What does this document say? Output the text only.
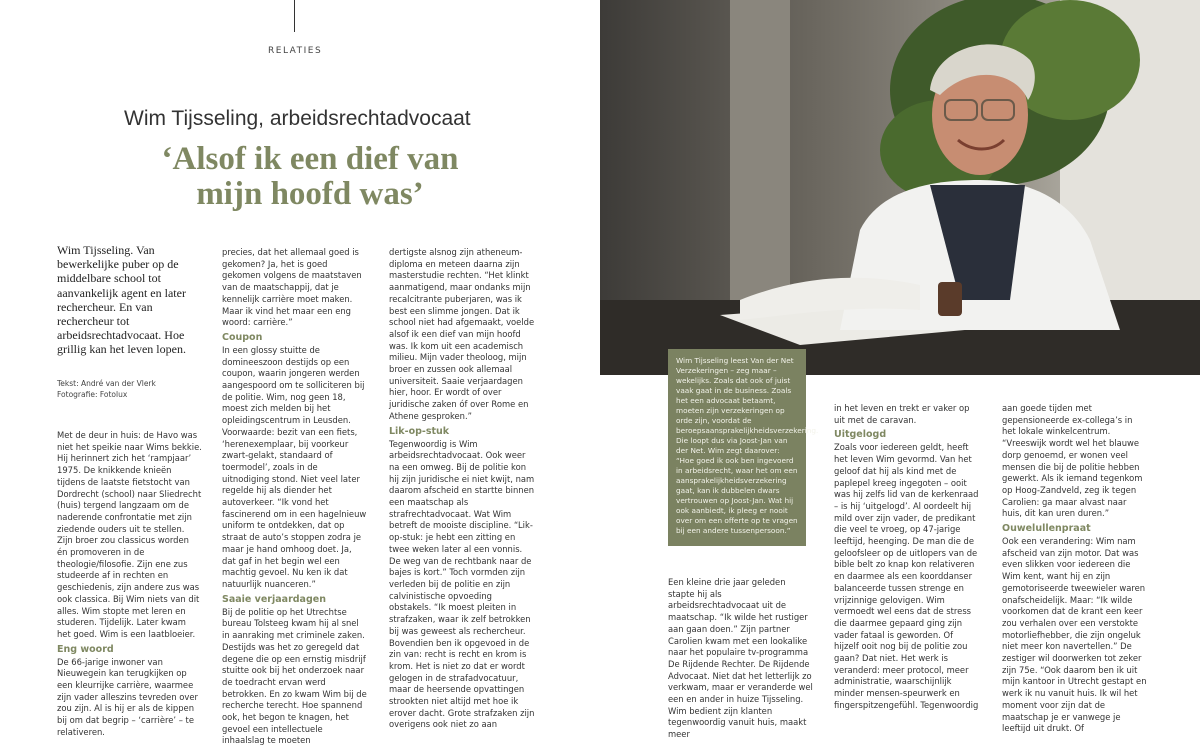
RELATIES
Wim Tijsseling, arbeidsrechtadvocaat
‘Alsof ik een dief van
mijn hoofd was’
Wim Tijsseling. Van bewerkelijke puber op de middelbare school tot aanvankelijk agent en later rechercheur. En van rechercheur tot arbeidsrechtadvocaat. Hoe grillig kan het leven lopen.
Tekst: André van der Vlerk
Fotografie: Fotolux

Met de deur in huis: de Havo was niet het speikie naar Wims bekkie. Hij herinnert zich het ‘rampjaar’ 1975. De knikkende knieën tijdens de laatste fietstocht van Dordrecht (school) naar Sliedrecht (huis) tergend langzaam om de naderende confrontatie met zijn ziedende ouders uit te stellen. Zijn broer zou classicus worden én promoveren in de theologie/filosofie. Zijn ene zus studeerde af in rechten en geschiedenis, zijn andere zus was ook classica. Bij Wim niets van dit alles. Wim stopte met leren en studeren. Tijdelijk. Later kwam het goed. Wim is een laatbloeier.

Eng woord

De 66-jarige inwoner van Nieuwegein kan terugkijken op een kleurrijke carrière, waarmee zijn vader alleszins tevreden over zou zijn. Al is hij er als de kippen bij om dat begrip – ‘carrière’ – te relativeren.

precies, dat het allemaal goed is gekomen? Ja, het is goed gekomen volgens de maatstaven van de maatschappij, dat je kennelijk carrière moet maken. Maar ik vind het maar een eng woord: carrière.”

Coupon

In een glossy stuitte de domineeszoon destijds op een coupon, waarin jongeren werden aangespoord om te solliciteren bij de politie. Wim, nog geen 18, moest zich melden bij het opleidingscentrum in Leusden. Voorwaarde: bezit van een fiets, ‘herenexemplaar, bij voorkeur zwart-gelakt, standaard of toermodel’, zoals in de uitnodiging stond. Niet veel later regelde hij als diender het autoverkeer. “Ik vond het fascinerend om in een hagelnieuw uniform te ontdekken, dat op straat de auto’s stoppen zodra je maar je hand omhoog doet. Ja, dat gaf in het begin wel een machtig gevoel. Nu ken ik dat natuurlijk nuanceren.”

Saaie verjaardagen

Bij de politie op het Utrechtse bureau Tolsteeg kwam hij al snel in aanraking met criminele zaken. Destijds was het zo geregeld dat degene die op een ernstig misdrijf stuitte ook bij het onderzoek naar de toedracht ervan werd betrokken. En zo kwam Wim bij de recherche terecht. Hoe spannend ook, het begon te knagen, het gevoel een intellectuele inhaalslag te moeten

dertigste alsnog zijn atheneum-diploma en meteen daarna zijn masterstudie rechten. “Het klinkt aanmatigend, maar ondanks mijn recalcitrante puberjaren, was ik best een slimme jongen. Dat ik school niet had afgemaakt, voelde alsof ik een dief van mijn hoofd was. Ik kom uit een academisch milieu. Mijn vader theoloog, mijn broer en zussen ook allemaal universiteit. Saaie verjaardagen hier, hoor. Er wordt of over juridische zaken óf over Rome en Athene gesproken.”

Lik-op-stuk

Tegenwoordig is Wim arbeidsrechtadvocaat. Ook weer na een omweg. Bij de politie kon hij zijn juridische ei niet kwijt, nam daarom afscheid en startte binnen een maatschap als strafrechtadvocaat. Wat Wim betreft de mooiste discipline. “Lik-op-stuk: je hebt een zitting en twee weken later al een vonnis. De weg van de rechtbank naar de bajes is kort.” Toch vormden zijn verleden bij de politie en zijn calvinistische opvoeding obstakels. “Ik moest pleiten in strafzaken, waar ik zelf betrokken bij was geweest als rechercheur. Bovendien ben ik opgevoed in de zin van: recht is recht en krom is krom. Het is niet zo dat er wordt gelogen in de strafadvocatuur, maar de heersende opvattingen strookten niet altijd met hoe ik erover dacht. Grote strafzaken zijn overigens ook niet zo aan

Wim Tijsseling leest Van der Net Verzekeringen – zeg maar – wekelijks. Zoals dat ook of juist vaak gaat in de business. Zoals het een advocaat betaamt, moeten zijn verzekeringen op orde zijn, voordat de beroepsaansprakelijkheidsverzekering. Die loopt dus via Joost-Jan van der Net. Wim zegt daarover: “Hoe goed ik ook ben ingevoerd in arbeidsrecht, waar het om een aansprakelijkheidsverzekering gaat, kan ik dubbelen dwars vertrouwen op Joost-Jan. Wat hij ook aanbiedt, ik pleeg er nooit over om een offerte op te vragen bij een andere tussenpersoon.”

Een kleine drie jaar geleden stapte hij als arbeidsrechtadvocaat uit de maatschap. “Ik wilde het rustiger aan gaan doen.” Zijn partner Carolien kwam met een lookalike naar het populaire tv-programma De Rijdende Rechter. De Rijdende Advocaat. Niet dat het letterlijk zo verkwam, maar er veranderde wel een en ander in huize Tijsseling. Wim bedient zijn klanten tegenwoordig vanuit huis, maakt meer

in het leven en trekt er vaker op uit met de caravan.

Uitgelogd

Zoals voor iedereen geldt, heeft het leven Wim gevormd. Van het geloof dat hij als kind met de paplepel kreeg ingegoten – ooit was hij zelfs lid van de kerkenraad – is hij ‘uitgelogd’. Al oordeelt hij mild over zijn vader, de predikant die veel te vroeg, op 47-jarige leeftijd, heenging. De man die de geloofsleer op de uitlopers van de bible belt zo knap kon relativeren en daarmee als een koorddanser balanceerde tussen strenge en vrijzinnige gelovigen. Wim vermoedt wel eens dat de stress die daarmee gepaard ging zijn vader fataal is geworden. Of hijzelf ooit nog bij de politie zou gaan? Dat niet. Het werk is veranderd: meer protocol, meer administratie, waarschijnlijk minder mensen-speurwerk en fingerspitzengefühl. Tegenwoordig

aan goede tijden met gepensioneerde ex-collega’s in het lokale winkelcentrum. “Vreeswijk wordt wel het blauwe dorp genoemd, er wonen veel mensen die bij de politie hebben gewerkt. Als ik iemand tegenkom op Hoog-Zandveld, zeg ik tegen Carolien: ga maar alvast naar huis, dit kan uren duren.”

Ouwelullenpraat

Ook een verandering: Wim nam afscheid van zijn motor. Dat was even slikken voor iedereen die Wim kent, want hij en zijn gemotoriseerde tweewieler waren onafscheidelijk. Maar: “Ik wilde voorkomen dat de krant een keer zou verhalen over een verstokte motorliefhebber, die zijn ongeluk niet meer kon navertellen.” De zestiger wil doorwerken tot zeker zijn 75e. “Ook daarom ben ik uit mijn kantoor in Utrecht gestapt en werk ik nu vanuit huis. Ik wil het moment voor zijn dat de maatschap je er vanwege je leeftijd uit drukt. Of
